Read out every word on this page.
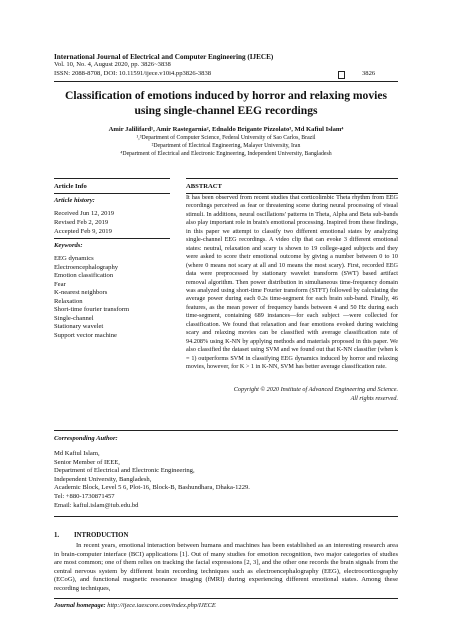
International Journal of Electrical and Computer Engineering (IJECE)
Vol. 10, No. 4, August 2020, pp. 3826~3838
ISSN: 2088-8708, DOI: 10.11591/ijece.v10i4.pp3826-3838	3826
Classification of emotions induced by horror and relaxing movies using single-channel EEG recordings
Amir Jalilifard¹, Amir Rastegarnia², Ednaldo Brigante Pizzolato³, Md Kafiul Islam⁴
¹,³Department of Computer Science, Federal University of Sao Carlos, Brazil
²Department of Electrical Engineering, Malayer University, Iran
⁴Department of Electrical and Electronic Engineering, Independent University, Bangladesh
Article Info
Article history:
Received Jun 12, 2019
Revised Feb 2, 2019
Accepted Feb 9, 2019
Keywords:
EEG dynamics
Electroencephalography
Emotion classification
Fear
K-nearest neighbors
Relaxation
Short-time fourier transform
Single-channel
Stationary wavelet
Support vector machine
ABSTRACT
It has been observed from recent studies that corticolimbic Theta rhythm from EEG recordings perceived as fear or threatening scene during neural processing of visual stimuli. In additions, neural oscillations' patterns in Theta, Alpha and Beta sub-bands also play important role in brain's emotional processing. Inspired from these findings, in this paper we attempt to classify two different emotional states by analyzing single-channel EEG recordings. A video clip that can evoke 3 different emotional states: neutral, relaxation and scary is shown to 19 college-aged subjects and they were asked to score their emotional outcome by giving a number between 0 to 10 (where 0 means not scary at all and 10 means the most scary). First, recorded EEG data were preprocessed by stationary wavelet transform (SWT) based artifact removal algorithm. Then power distribution in simultaneous time-frequency domain was analyzed using short-time Fourier transform (STFT) followed by calculating the average power during each 0.2s time-segment for each brain sub-band. Finally, 46 features, as the mean power of frequency bands between 4 and 50 Hz during each time-segment, containing 689 instances—for each subject —were collected for classification. We found that relaxation and fear emotions evoked during watching scary and relaxing movies can be classified with average classification rate of 94.208% using K-NN by applying methods and materials proposed in this paper. We also classified the dataset using SVM and we found out that K-NN classifier (when k = 1) outperforms SVM in classifying EEG dynamics induced by horror and relaxing movies, however, for K > 1 in K-NN, SVM has better average classification rate.
Copyright © 2020 Institute of Advanced Engineering and Science.
All rights reserved.
Corresponding Author:
Md Kafiul Islam,
Senior Member of IEEE,
Department of Electrical and Electronic Engineering,
Independent University, Bangladesh,
Academic Block, Level 5 6, Plot-16, Block-B, Bashundhara, Dhaka-1229.
Tel: +880-1730871457
Email: kafiul.islam@iub.edu.bd
1. INTRODUCTION
In recent years, emotional interaction between humans and machines has been established as an interesting research area in brain-computer interface (BCI) applications [1]. Out of many studies for emotion recognition, two major categories of studies are most common; one of them relies on tracking the facial expressions [2, 3], and the other one records the brain signals from the central nervous system by different brain recording techniques such as electroencephalography (EEG), electrocorticography (ECoG), and functional magnetic resonance imaging (fMRI) during experiencing different emotional states. Among these recording techniques,
Journal homepage: http://ijece.iaescore.com/index.php/IJECE
